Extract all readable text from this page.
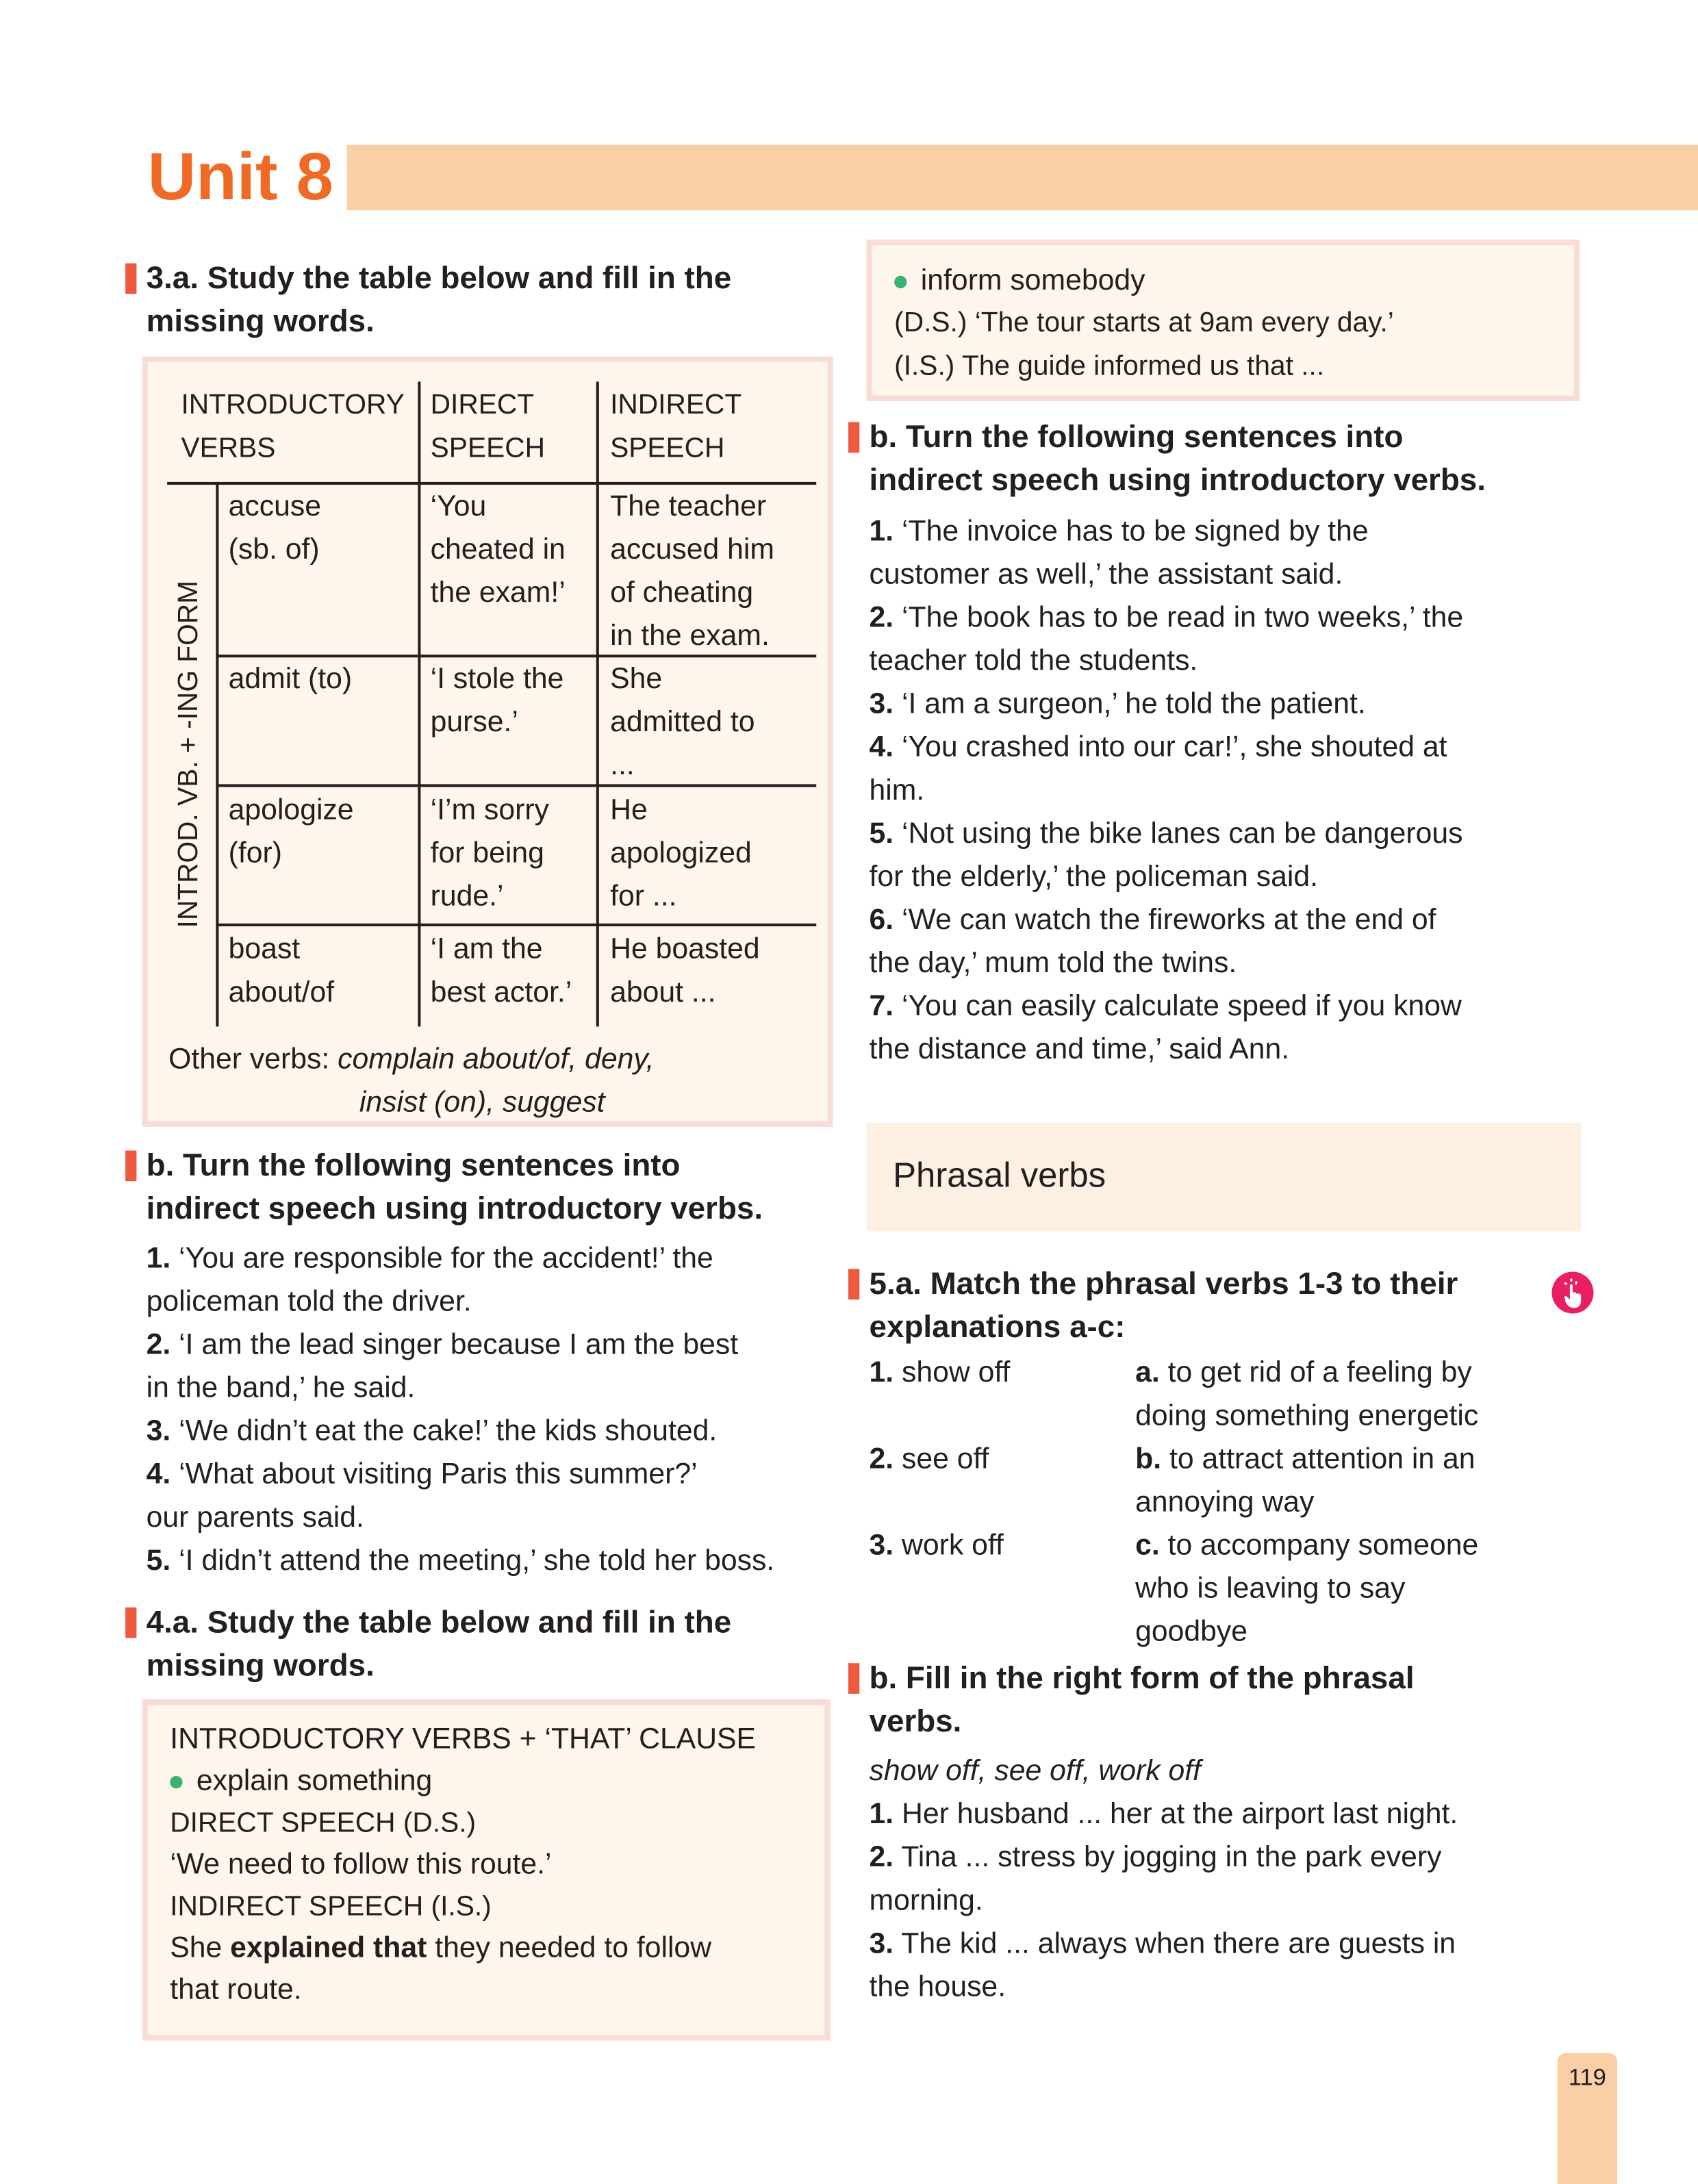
Unit 8
3.a. Study the table below and fill in the
missing words.
INTRODUCTORY
VERBS
DIRECT
SPEECH
INDIRECT
SPEECH
INTROD. VB. + -ING FORM
accuse
(sb. of)
‘You
cheated in
the exam!’
The teacher
accused him
of cheating
in the exam.
admit (to)	‘I stole the
purse.’
She
admitted to
...
apologize
(for)
‘I’m sorry
for being
rude.’
He
apologized
for ...
boast
about/of
‘I am the
best actor.’
He boasted
about ...
Other verbs: complain about/of, deny,
insist (on), suggest
b. Turn the following sentences into
indirect speech using introductory verbs.
1. ‘You are responsible for the accident!’ the
policeman told the driver.
2. ‘I am the lead singer because I am the best
in the band,’ he said.
3. ‘We didn’t eat the cake!’ the kids shouted.
4. ‘What about visiting Paris this summer?’
our parents said.
5. ‘I didn’t attend the meeting,’ she told her boss.
4.a. Study the table below and fill in the
missing words.
INTRODUCTORY VERBS + ‘THAT’ CLAUSE
explain something
DIRECT SPEECH (D.S.)
‘We need to follow this route.’
INDIRECT SPEECH (I.S.)
She explained that they needed to follow
that route.
inform somebody
(D.S.) ‘The tour starts at 9am every day.’
(I.S.) The guide informed us that ...
b. Turn the following sentences into
indirect speech using introductory verbs.
1. ‘The invoice has to be signed by the
customer as well,’ the assistant said.
2. ‘The book has to be read in two weeks,’ the
teacher told the students.
3. ‘I am a surgeon,’ he told the patient.
4. ‘You crashed into our car!’, she shouted at
him.
5. ‘Not using the bike lanes can be dangerous
for the elderly,’ the policeman said.
6. ‘We can watch the fireworks at the end of
the day,’ mum told the twins.
7. ‘You can easily calculate speed if you know
the distance and time,’ said Ann.
Phrasal verbs
5.a. Match the phrasal verbs 1-3 to their
explanations a-c:
1. show off
2. see off
3. work off
a. to get rid of a feeling by
doing something energetic
b. to attract attention in an
annoying way
c. to accompany someone
who is leaving to say
goodbye
b. Fill in the right form of the phrasal
verbs.
show off, see off, work off
1. Her husband ... her at the airport last night.
2. Tina ... stress by jogging in the park every
morning.
3. The kid ... always when there are guests in
the house.
119
